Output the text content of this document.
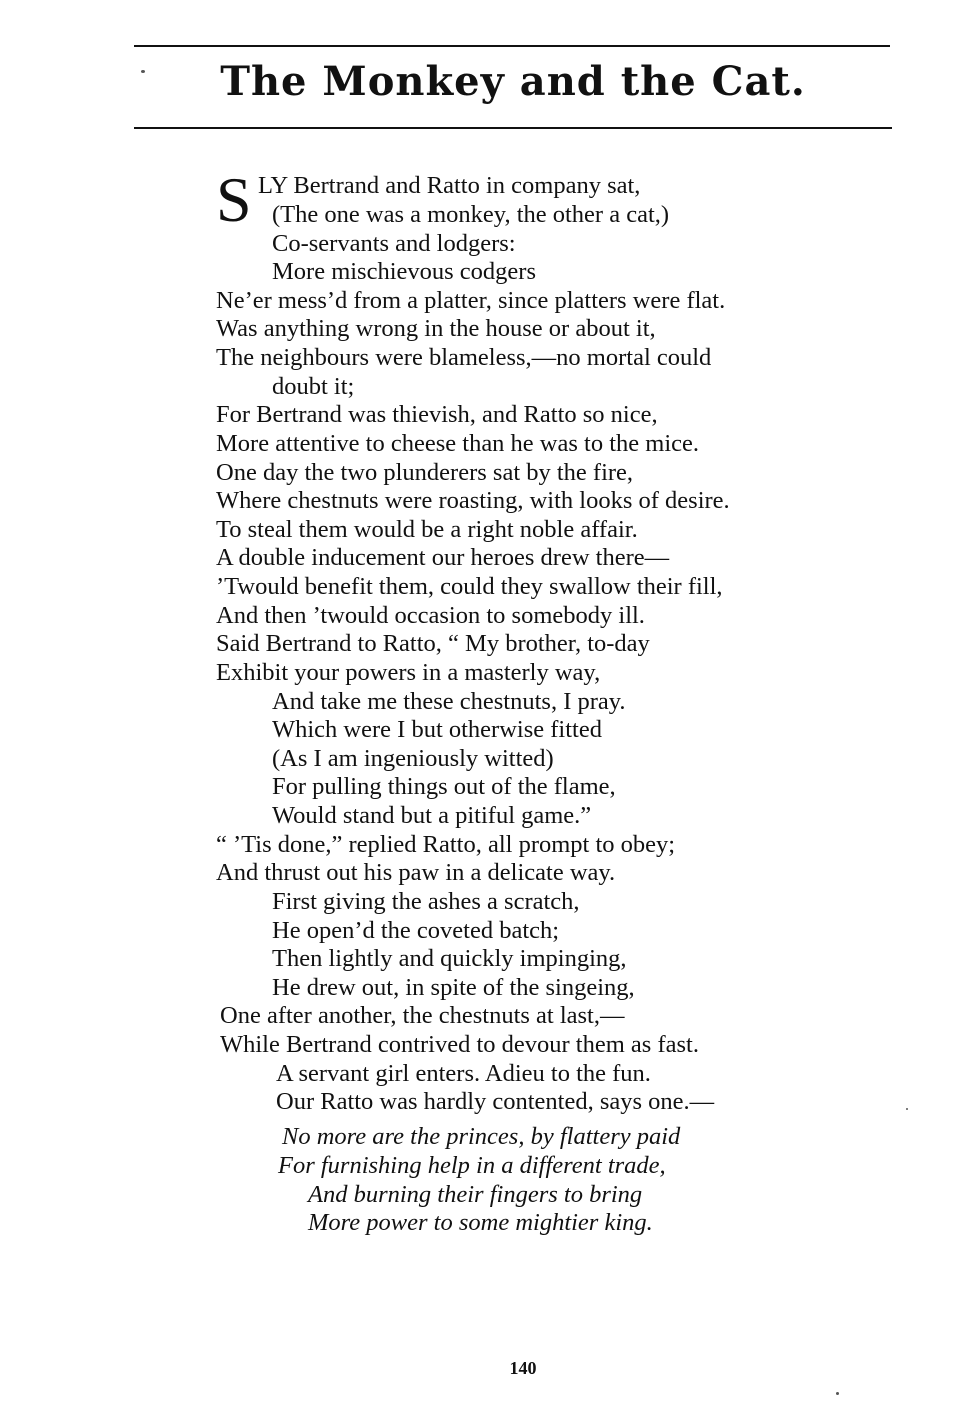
The Monkey and the Cat.
S LY Bertrand and Ratto in company sat,
(The one was a monkey, the other a cat,)
Co-servants and lodgers:
More mischievous codgers
Ne’er mess’d from a platter, since platters were flat.
Was anything wrong in the house or about it,
The neighbours were blameless,—no mortal could
doubt it;
For Bertrand was thievish, and Ratto so nice,
More attentive to cheese than he was to the mice.
One day the two plunderers sat by the fire,
Where chestnuts were roasting, with looks of desire.
To steal them would be a right noble affair.
A double inducement our heroes drew there—
’Twould benefit them, could they swallow their fill,
And then ’twould occasion to somebody ill.
Said Bertrand to Ratto, “ My brother, to-day
Exhibit your powers in a masterly way,
And take me these chestnuts, I pray.
Which were I but otherwise fitted
(As I am ingeniously witted)
For pulling things out of the flame,
Would stand but a pitiful game.”
“ ’Tis done,” replied Ratto, all prompt to obey;
And thrust out his paw in a delicate way.
First giving the ashes a scratch,
He open’d the coveted batch;
Then lightly and quickly impinging,
He drew out, in spite of the singeing,
One after another, the chestnuts at last,—
While Bertrand contrived to devour them as fast.
A servant girl enters. Adieu to the fun.
Our Ratto was hardly contented, says one.—
No more are the princes, by flattery paid
For furnishing help in a different trade,
And burning their fingers to bring
More power to some mightier king.
140
